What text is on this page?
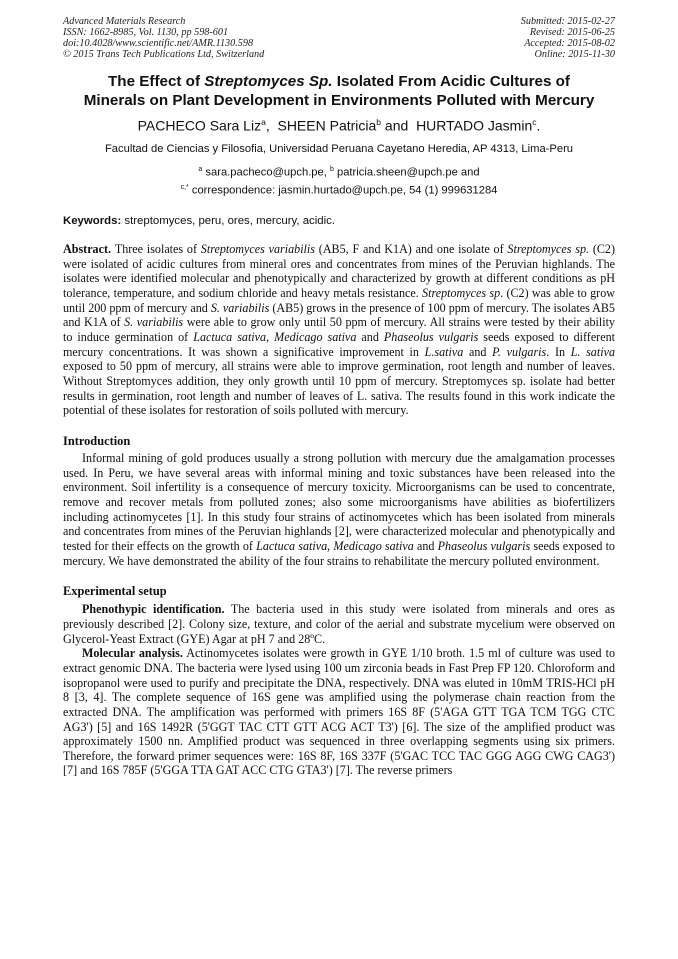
Advanced Materials Research
ISSN: 1662-8985, Vol. 1130, pp 598-601
doi:10.4028/www.scientific.net/AMR.1130.598
© 2015 Trans Tech Publications Ltd, Switzerland
Submitted: 2015-02-27
Revised: 2015-06-25
Accepted: 2015-08-02
Online: 2015-11-30
The Effect of Streptomyces Sp. Isolated From Acidic Cultures of
Minerals on Plant Development in Environments Polluted with Mercury
PACHECO Sara Liz$^a$,  SHEEN Patricia$^b$ and HURTADO Jasmin$^c$.
Facultad de Ciencias y Filosofia, Universidad Peruana Cayetano Heredia, AP 4313, Lima-Peru
$^a$ sara.pacheco@upch.pe, $^b$ patricia.sheen@upch.pe and
$^{c,*}$ correspondence: jasmin.hurtado@upch.pe, 54 (1) 999631284
Keywords: streptomyces, peru, ores, mercury, acidic.

Abstract. Three isolates of Streptomyces variabilis (AB5, F and K1A) and one isolate of Streptomyces sp. (C2) were isolated of acidic cultures from mineral ores and concentrates from mines of the Peruvian highlands. The isolates were identified molecular and phenotypically and characterized by growth at different conditions as pH tolerance, temperature, and sodium chloride and heavy metals resistance. Streptomyces sp. (C2) was able to grow until 200 ppm of mercury and S. variabilis (AB5) grows in the presence of 100 ppm of mercury. The isolates AB5 and K1A of S. variabilis were able to grow only until 50 ppm of mercury. All strains were tested by their ability to induce germination of Lactuca sativa, Medicago sativa and Phaseolus vulgaris seeds exposed to different mercury concentrations. It was shown a significative improvement in L.sativa and P. vulgaris. In L. sativa exposed to 50 ppm of mercury, all strains were able to improve germination, root length and number of leaves. Without Streptomyces addition, they only growth until 10 ppm of mercury. Streptomyces sp. isolate had better results in germination, root length and number of leaves of L. sativa. The results found in this work indicate the potential of these isolates for restoration of soils polluted with mercury.

Introduction

Informal mining of gold produces usually a strong pollution with mercury due the amalgamation processes used. In Peru, we have several areas with informal mining and toxic substances have been released into the environment. Soil infertility is a consequence of mercury toxicity. Microorganisms can be used to concentrate, remove and recover metals from polluted zones; also some microorganisms have abilities as biofertilizers including actinomycetes [1]. In this study four strains of actinomycetes which has been isolated from minerals and concentrates from mines of the Peruvian highlands [2], were characterized molecular and phenotypically and tested for their effects on the growth of Lactuca sativa, Medicago sativa and Phaseolus vulgaris seeds exposed to mercury. We have demonstrated the ability of the four strains to rehabilitate the mercury polluted environment.

Experimental setup

Phenothypic identification. The bacteria used in this study were isolated from minerals and ores as previously described [2]. Colony size, texture, and color of the aerial and substrate mycelium were observed on Glycerol-Yeast Extract (GYE) Agar at pH 7 and 28ºC.

Molecular analysis. Actinomycetes isolates were growth in GYE 1/10 broth. 1.5 ml of culture was used to extract genomic DNA. The bacteria were lysed using 100 um zirconia beads in Fast Prep FP 120. Chloroform and isopropanol were used to purify and precipitate the DNA, respectively. DNA was eluted in 10mM TRIS-HCl pH 8 [3, 4]. The complete sequence of 16S gene was amplified using the polymerase chain reaction from the extracted DNA. The amplification was performed with primers 16S 8F (5'AGA GTT TGA TCM TGG CTC AG3') [5] and 16S 1492R (5'GGT TAC CTT GTT ACG ACT T3') [6]. The size of the amplified product was approximately 1500 nn. Amplified product was sequenced in three overlapping segments using six primers. Therefore, the forward primer sequences were: 16S 8F, 16S 337F (5'GAC TCC TAC GGG AGG CWG CAG3') [7] and 16S 785F (5'GGA TTA GAT ACC CTG GTA3') [7]. The reverse primers
